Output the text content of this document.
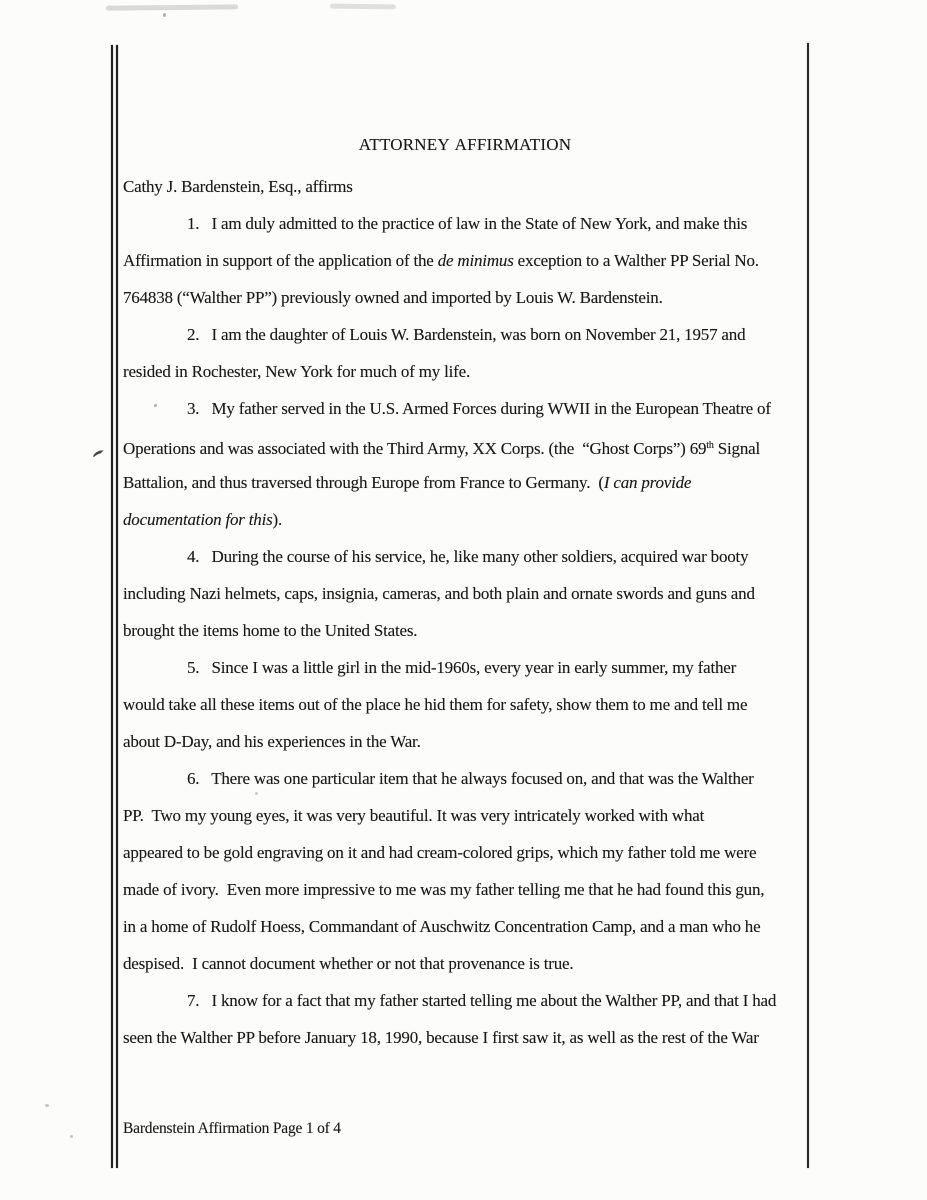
ATTORNEY AFFIRMATION
Cathy J. Bardenstein, Esq., affirms
1.   I am duly admitted to the practice of law in the State of New York, and make this
Affirmation in support of the application of the de minimus exception to a Walther PP Serial No.
764838 (“Walther PP”) previously owned and imported by Louis W. Bardenstein.
2.   I am the daughter of Louis W. Bardenstein, was born on November 21, 1957 and
resided in Rochester, New York for much of my life.
3.   My father served in the U.S. Armed Forces during WWII in the European Theatre of
Operations and was associated with the Third Army, XX Corps. (the  “Ghost Corps”) 69th Signal
Battalion, and thus traversed through Europe from France to Germany.  (I can provide
documentation for this).
4.   During the course of his service, he, like many other soldiers, acquired war booty
including Nazi helmets, caps, insignia, cameras, and both plain and ornate swords and guns and
brought the items home to the United States.
5.   Since I was a little girl in the mid-1960s, every year in early summer, my father
would take all these items out of the place he hid them for safety, show them to me and tell me
about D-Day, and his experiences in the War.
6.   There was one particular item that he always focused on, and that was the Walther
PP.  Two my young eyes, it was very beautiful. It was very intricately worked with what
appeared to be gold engraving on it and had cream-colored grips, which my father told me were
made of ivory.  Even more impressive to me was my father telling me that he had found this gun,
in a home of Rudolf Hoess, Commandant of Auschwitz Concentration Camp, and a man who he
despised.  I cannot document whether or not that provenance is true.
7.   I know for a fact that my father started telling me about the Walther PP, and that I had
seen the Walther PP before January 18, 1990, because I first saw it, as well as the rest of the War
Bardenstein Affirmation Page 1 of 4
